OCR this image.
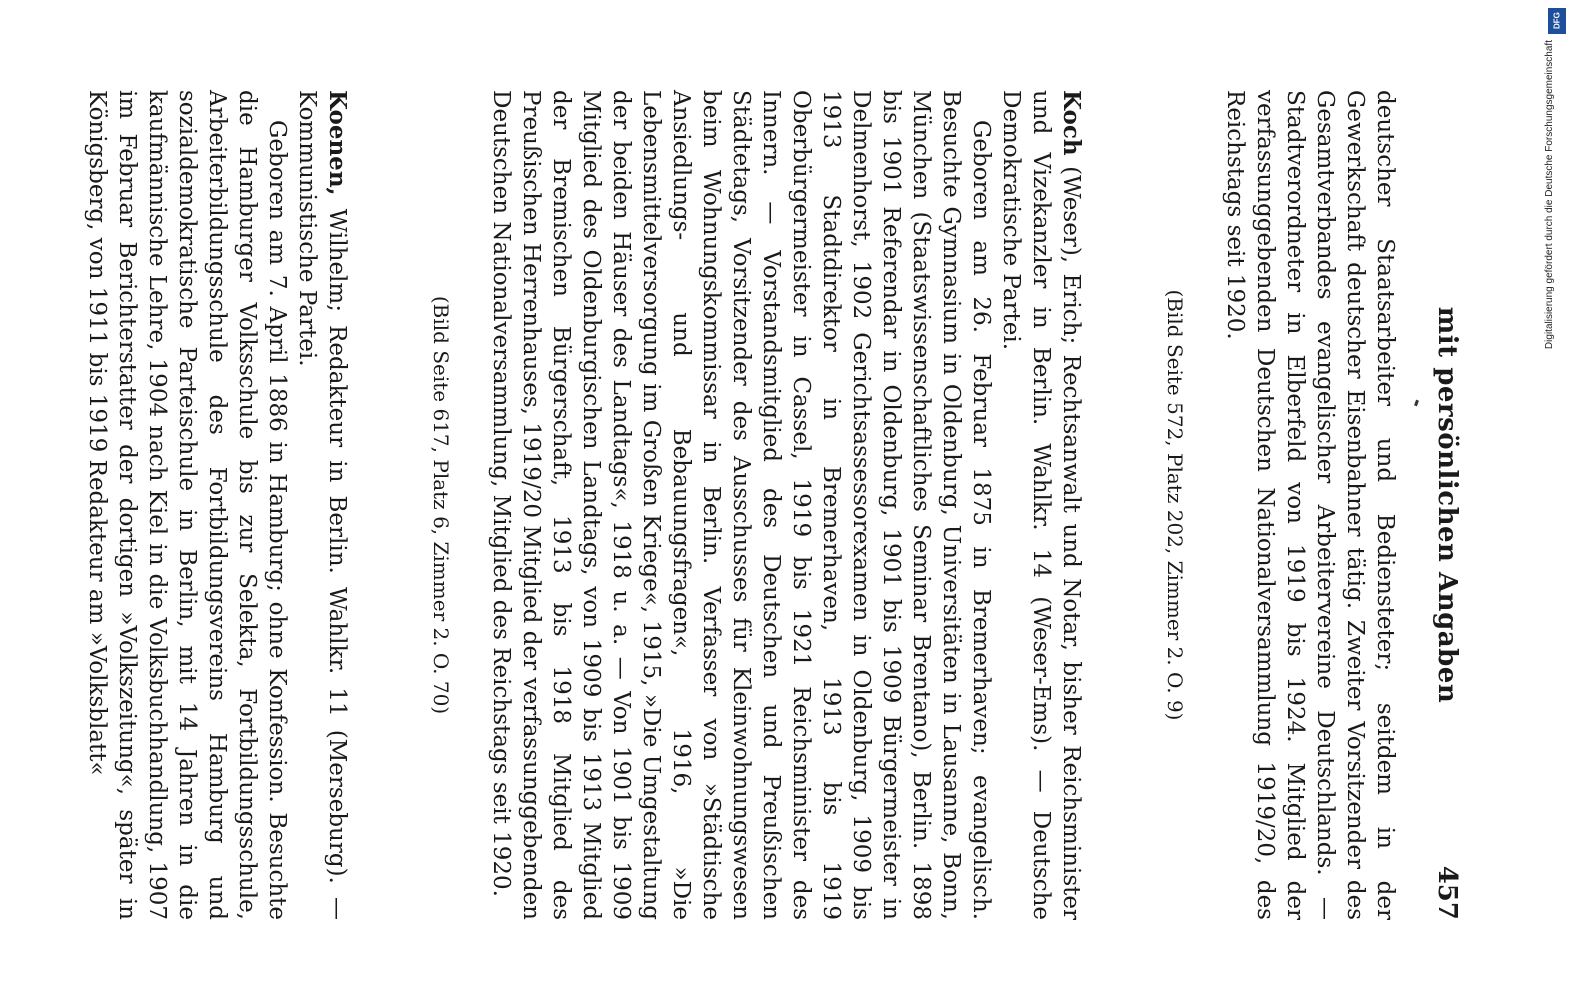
mit persönlichen Angaben
457

deutscher Staatsarbeiter und Bediensteter; seitdem in der Gewerkschaft deutscher Eisenbahner tätig. Zweiter Vorsitzender des Gesamtverbandes evangelischer Arbeitervereine Deutschlands. — Stadtverordneter in Elberfeld von 1919 bis 1924. Mitglied der verfassunggebenden Deutschen Nationalversammlung 1919/20, des Reichstags seit 1920.

(Bild Seite 572, Platz 202, Zimmer 2. O. 9)

Koch (Weser), Erich; Rechtsanwalt und Notar, bisher Reichsminister und Vizekanzler in Berlin. Wahlkr. 14 (Weser-Ems). — Deutsche Demokratische Partei.

Geboren am 26. Februar 1875 in Bremerhaven; evangelisch. Besuchte Gymnasium in Oldenburg, Universitäten in Lausanne, Bonn, München (Staatswissenschaftliches Seminar Brentano), Berlin. 1898 bis 1901 Referendar in Oldenburg, 1901 bis 1909 Bürgermeister in Delmenhorst, 1902 Gerichtsassessorexamen in Oldenburg, 1909 bis 1913 Stadtdirektor in Bremerhaven, 1913 bis 1919 Oberbürgermeister in Cassel, 1919 bis 1921 Reichsminister des Innern. — Vorstandsmitglied des Deutschen und Preußischen Städtetags, Vorsitzender des Ausschusses für Kleinwohnungswesen beim Wohnungskommissar in Berlin. Verfasser von »Städtische Ansiedlungs- und Bebauungsfragen«, 1916, »Die Lebensmittelversorgung im Großen Kriege«, 1915, »Die Umgestaltung der beiden Häuser des Landtags«, 1918 u. a. — Von 1901 bis 1909 Mitglied des Oldenburgischen Landtags, von 1909 bis 1913 Mitglied der Bremischen Bürgerschaft, 1913 bis 1918 Mitglied des Preußischen Herrenhauses, 1919/20 Mitglied der verfassunggebenden Deutschen Nationalversammlung, Mitglied des Reichstags seit 1920.

(Bild Seite 617, Platz 6, Zimmer 2. O. 70)

Koenen, Wilhelm; Redakteur in Berlin. Wahlkr. 11 (Merseburg). — Kommunistische Partei.

Geboren am 7. April 1886 in Hamburg; ohne Konfession. Besuchte die Hamburger Volksschule bis zur Selekta, Fortbildungsschule, Arbeiterbildungsschule des Fortbildungsvereins Hamburg und sozialdemokratische Parteischule in Berlin, mit 14 Jahren in die kaufmännische Lehre, 1904 nach Kiel in die Volksbuchhandlung, 1907 im Februar Berichterstatter der dortigen »Volkszeitung«, später in Königsberg, von 1911 bis 1919 Redakteur am »Volksblatt«

DFG
Digitalisierung gefördert durch die Deutsche Forschungsgemeinschaft
